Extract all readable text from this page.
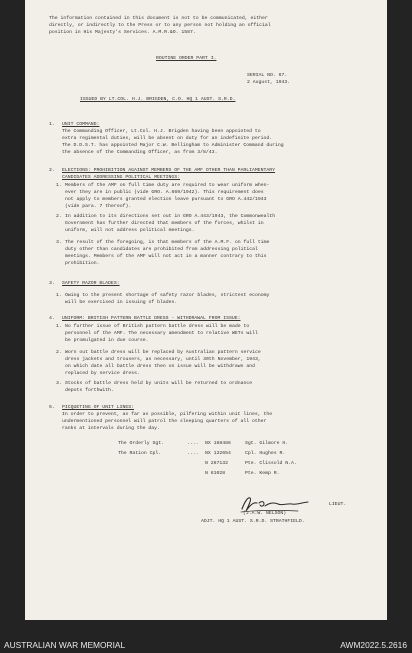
The information contained in this document is not to be communicated, either
directly, or indirectly to the Press or to any person not holding an official
position in His Majesty's Services. A.M.R.&O. 1587.
ROUTINE ORDER PART I.
SERIAL NO. 67.
2 August, 1943.
ISSUED BY LT.COL. H.J. BRIGDEN, C.O. HQ 1 AUST. S.R.D.
1. UNIT COMMAND:
The Commanding Officer, Lt.Col. H.J. Brigden having been appointed to
extra regimental duties, will be absent on duty for an indefinite period.
The D.D.S.T. has appointed Major C.W. Bellingham to Administer Command during
the absence of the Commanding Officer, as from 3/8/43.
2. ELECTIONS: PROHIBITION AGAINST MEMBERS OF THE AMF OTHER THAN PARLIAMENTARY
CANDIDATES ADDRESSING POLITICAL MEETINGS:
1. Members of the AMF on full time duty are required to wear uniform when-
ever they are in public (vide GRO. A.669/1942). This requirement does
not apply to members granted election leave pursuant to GRO A.442/1943
(vide para. 7 thereof).
2. In addition to its directions set out in GRO A.443/1943, the Commonwealth
Government has further directed that members of the forces, whilst in
uniform, will not address political meetings.
3. The result of the foregoing, is that members of the A.M.F. on full time
duty other than candidates are prohibited from addressing political
meetings. Members of the AMF will not act in a manner contrary to this
prohibition.
3. SAFETY RAZOR BLADES:
1. Owing to the present shortage of safety razor blades, strictest economy
will be exercised in issuing of blades.
4. UNIFORM: BRITISH PATTERN BATTLE DRESS - WITHDRAWAL FROM ISSUE:
1. No further issue of British pattern battle dress will be made to
personnel of the AMF. The necessary amendment to relative WETs will
be promulgated in due course.
2. Worn out battle dress will be replaced by Australian pattern service
dress jackets and trousers, as necessary, until 30th November, 1943,
on which date all battle dress then on issue will be withdrawn and
replaced by service dress.
3. Stocks of battle dress held by units will be returned to ordnance
depots forthwith.
5. PICQUETING OF UNIT LINES:
In order to prevent, as far as possible, pilfering within unit lines, the
undermentioned personnel will patrol the sleeping quarters of all other
ranks at intervals during the day.
The Orderly Sgt.	.... NX 168486	Sgt. Gilmore H.
The Ration Cpl.	.... NX 132654	Cpl. Hughes R.
N 267132	Pte. Clissold N.A.
N 81028	Pte. Kemp R.
LIEUT.
(J.A.W. NELSON)
ADJT. HQ 1 AUST. S.R.D. STRATHFIELD.
AUSTRALIAN WAR MEMORIAL	AWM2022.5.2616
